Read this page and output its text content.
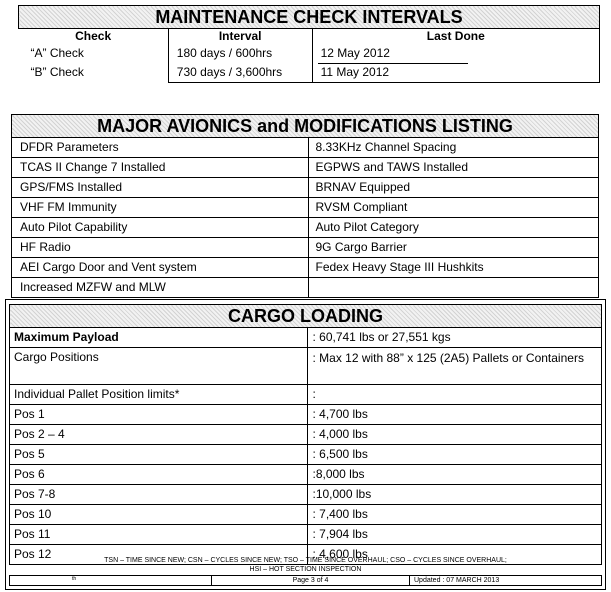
MAINTENANCE CHECK INTERVALS		
Check	Interval	Last Done
“A” Check	180 days / 600hrs	12 May 2012
“B” Check	730 days / 3,600hrs	11 May 2012
MAJOR AVIONICS and MODIFICATIONS LISTING	
DFDR Parameters	8.33KHz Channel Spacing
TCAS II Change 7 Installed	EGPWS and TAWS Installed
GPS/FMS Installed	BRNAV Equipped
VHF FM Immunity	RVSM Compliant
Auto Pilot Capability	Auto Pilot Category
HF Radio	9G Cargo Barrier
AEI Cargo Door and Vent system	Fedex Heavy Stage III Hushkits
Increased MZFW and MLW	
CARGO LOADING	
Maximum Payload	: 60,741 lbs or 27,551 kgs
Cargo Positions	: Max 12 with 88” x 125 (2A5) Pallets or Containers
Individual Pallet Position limits*	:
Pos 1	: 4,700 lbs
Pos 2 – 4	: 4,000 lbs
Pos 5	: 6,500 lbs
Pos 6	:8,000 lbs
Pos 7-8	:10,000 lbs
Pos 10	: 7,400 lbs
Pos 11	: 7,904 lbs
Pos 12	: 4,600 lbs
TSN – TIME SINCE NEW; CSN – CYCLES SINCE NEW; TSO – TIME SINCE OVERHAUL; CSO – CYCLES SINCE OVERHAUL;
HSI – HOT SECTION INSPECTION
th	Page 3 of 4	Updated : 07 MARCH 2013
